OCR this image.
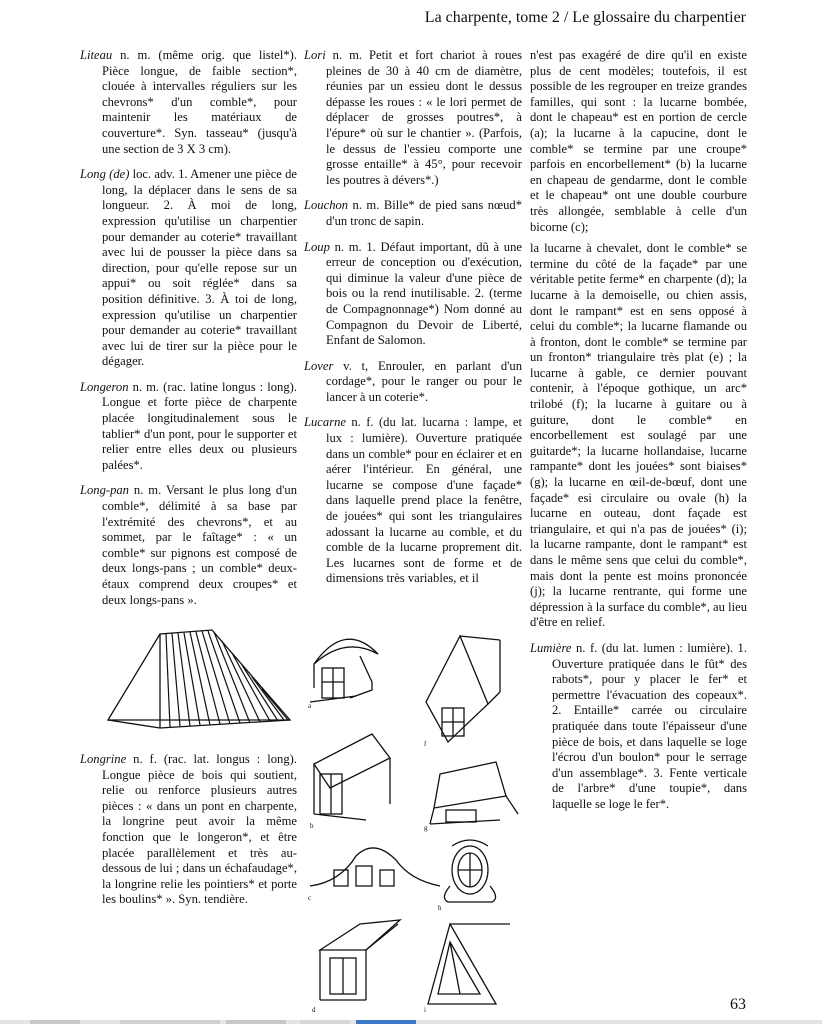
La charpente, tome 2 / Le glossaire du charpentier

Liteau n. m. (même orig. que listel*). Pièce longue, de faible section*, clouée à intervalles réguliers sur les chevrons* d'un comble*, pour maintenir les matériaux de couverture*. Syn. tasseau* (jusqu'à une section de 3 X 3 cm).

Long (de) loc. adv. 1. Amener une pièce de long, la déplacer dans le sens de sa longueur. 2. À moi de long, expression qu'utilise un charpentier pour demander au coterie* travaillant avec lui de pousser la pièce dans sa direction, pour qu'elle repose sur un appui* ou soit réglée* dans sa position définitive. 3. À toi de long, expression qu'utilise un charpentier pour demander au coterie* travaillant avec lui de tirer sur la pièce pour le dégager.

Longeron n. m. (rac. latine longus : long). Longue et forte pièce de charpente placée longitudinalement sous le tablier* d'un pont, pour le supporter et relier entre elles deux ou plusieurs palées*.

Long-pan n. m. Versant le plus long d'un comble*, délimité à sa base par l'extrémité des chevrons*, et au sommet, par le faîtage* : « un comble* sur pignons est composé de deux longs-pans ; un comble* deux-étaux comprend deux croupes* et deux longs-pans ».

Longrine n. f. (rac. lat. longus : long). Longue pièce de bois qui soutient, relie ou renforce plusieurs autres pièces : « dans un pont en charpente, la longrine peut avoir la même fonction que le longeron*, et être placée parallèlement et très au-dessous de lui ; dans un échafaudage*, la longrine relie les pointiers* et porte les boulins* ». Syn. tendière.

Lori n. m. Petit et fort chariot à roues pleines de 30 à 40 cm de diamètre, réunies par un essieu dont le dessus dépasse les roues : « le lori permet de déplacer de grosses poutres*, à l'épure* où sur le chantier ». (Parfois, le dessus de l'essieu comporte une grosse entaille* à 45°, pour recevoir les poutres à dévers*.)

Louchon n. m. Bille* de pied sans nœud* d'un tronc de sapin.

Loup n. m. 1. Défaut important, dû à une erreur de conception ou d'exécution, qui diminue la valeur d'une pièce de bois ou la rend inutilisable. 2. (terme de Compagnonnage*) Nom donné au Compagnon du Devoir de Liberté, Enfant de Salomon.

Lover v. t, Enrouler, en parlant d'un cordage*, pour le ranger ou pour le lancer à un coterie*.

Lucarne n. f. (du lat. lucarna : lampe, et lux : lumière). Ouverture pratiquée dans un comble* pour en éclairer et en aérer l'intérieur. En général, une lucarne se compose d'une façade* dans laquelle prend place la fenêtre, de jouées* qui sont les triangulaires adossant la lucarne au comble, et du comble de la lucarne proprement dit. Les lucarnes sont de forme et de dimensions très variables, et il

a
f
b	g
c
h
d	i

n'est pas exagéré de dire qu'il en existe plus de cent modèles; toutefois, il est possible de les regrouper en treize grandes familles, qui sont : la lucarne bombée, dont le chapeau* est en portion de cercle (a); la lucarne à la capucine, dont le comble* se termine par une croupe* parfois en encorbellement* (b) la lucarne en chapeau de gendarme, dont le comble et le chapeau* ont une double courbure très allongée, semblable à celle d'un bicorne (c);

la lucarne à chevalet, dont le comble* se termine du côté de la façade* par une véritable petite ferme* en charpente (d); la lucarne à la demoiselle, ou chien assis, dont le rampant* est en sens opposé à celui du comble*; la lucarne flamande ou à fronton, dont le comble* se termine par un fronton* triangulaire très plat (e) ; la lucarne à gable, ce dernier pouvant contenir, à l'époque gothique, un arc* trilobé (f); la lucarne à guitare ou à guiture, dont le comble* en encorbellement est soulagé par une guitarde*; la lucarne hollandaise, lucarne rampante* dont les jouées* sont biaises* (g); la lucarne en œil-de-bœuf, dont une façade* esi circulaire ou ovale (h) la lucarne en outeau, dont façade est triangulaire, et qui n'a pas de jouées* (i); la lucarne rampante, dont le rampant* est dans le même sens que celui du comble*, mais dont la pente est moins prononcée (j); la lucarne rentrante, qui forme une dépression à la surface du comble*, au lieu d'être en relief.

Lumière n. f. (du lat. lumen : lumière). 1. Ouverture pratiquée dans le fût* des rabots*, pour y placer le fer* et permettre l'évacuation des copeaux*. 2. Entaille* carrée ou circulaire pratiquée dans toute l'épaisseur d'une pièce de bois, et dans laquelle se loge l'écrou d'un boulon* pour le serrage d'un assemblage*. 3. Fente verticale de l'arbre* d'une toupie*, dans laquelle se loge le fer*.

63
